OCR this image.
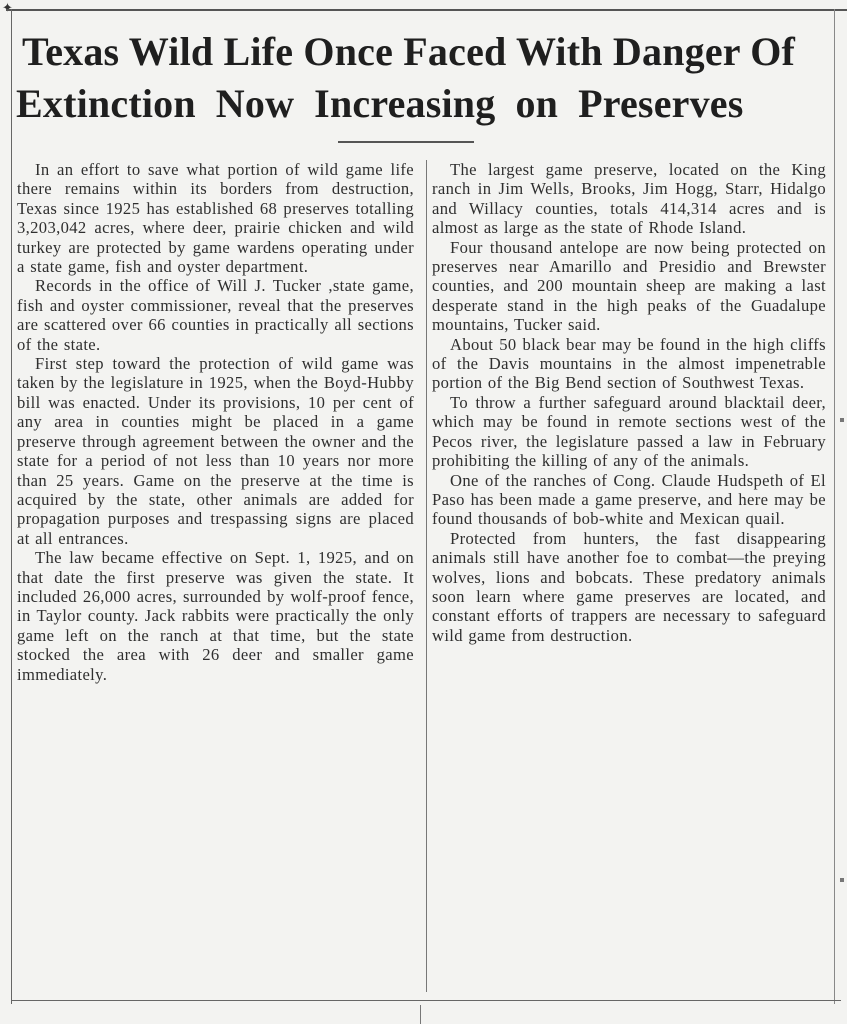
✦
Texas Wild Life Once Faced With Danger Of
Extinction Now Increasing on Preserves

In an effort to save what portion of wild game life there remains within its borders from destruction, Texas since 1925 has established 68 preserves totalling 3,203,042 acres, where deer, prairie chicken and wild turkey are protected by game wardens operating under a state game, fish and oyster department.

Records in the office of Will J. Tucker ,state game, fish and oyster commissioner, reveal that the preserves are scattered over 66 counties in practically all sections of the state.

First step toward the protection of wild game was taken by the legislature in 1925, when the Boyd-Hubby bill was enacted. Under its provisions, 10 per cent of any area in counties might be placed in a game preserve through agreement between the owner and the state for a period of not less than 10 years nor more than 25 years. Game on the preserve at the time is acquired by the state, other animals are added for propagation purposes and trespassing signs are placed at all entrances.

The law became effective on Sept. 1, 1925, and on that date the first preserve was given the state. It included 26,000 acres, surrounded by wolf-proof fence, in Taylor county. Jack rabbits were practically the only game left on the ranch at that time, but the state stocked the area with 26 deer and smaller game immediately.

The largest game preserve, located on the King ranch in Jim Wells, Brooks, Jim Hogg, Starr, Hidalgo and Willacy counties, totals 414,314 acres and is almost as large as the state of Rhode Island.

Four thousand antelope are now being protected on preserves near Amarillo and Presidio and Brewster counties, and 200 mountain sheep are making a last desperate stand in the high peaks of the Guadalupe mountains, Tucker said.

About 50 black bear may be found in the high cliffs of the Davis mountains in the almost impenetrable portion of the Big Bend section of Southwest Texas.

To throw a further safeguard around blacktail deer, which may be found in remote sections west of the Pecos river, the legislature passed a law in February prohibiting the killing of any of the animals.

One of the ranches of Cong. Claude Hudspeth of El Paso has been made a game preserve, and here may be found thousands of bob-white and Mexican quail.

Protected from hunters, the fast disappearing animals still have another foe to combat—the preying wolves, lions and bobcats. These predatory animals soon learn where game preserves are located, and constant efforts of trappers are necessary to safeguard wild game from destruction.
